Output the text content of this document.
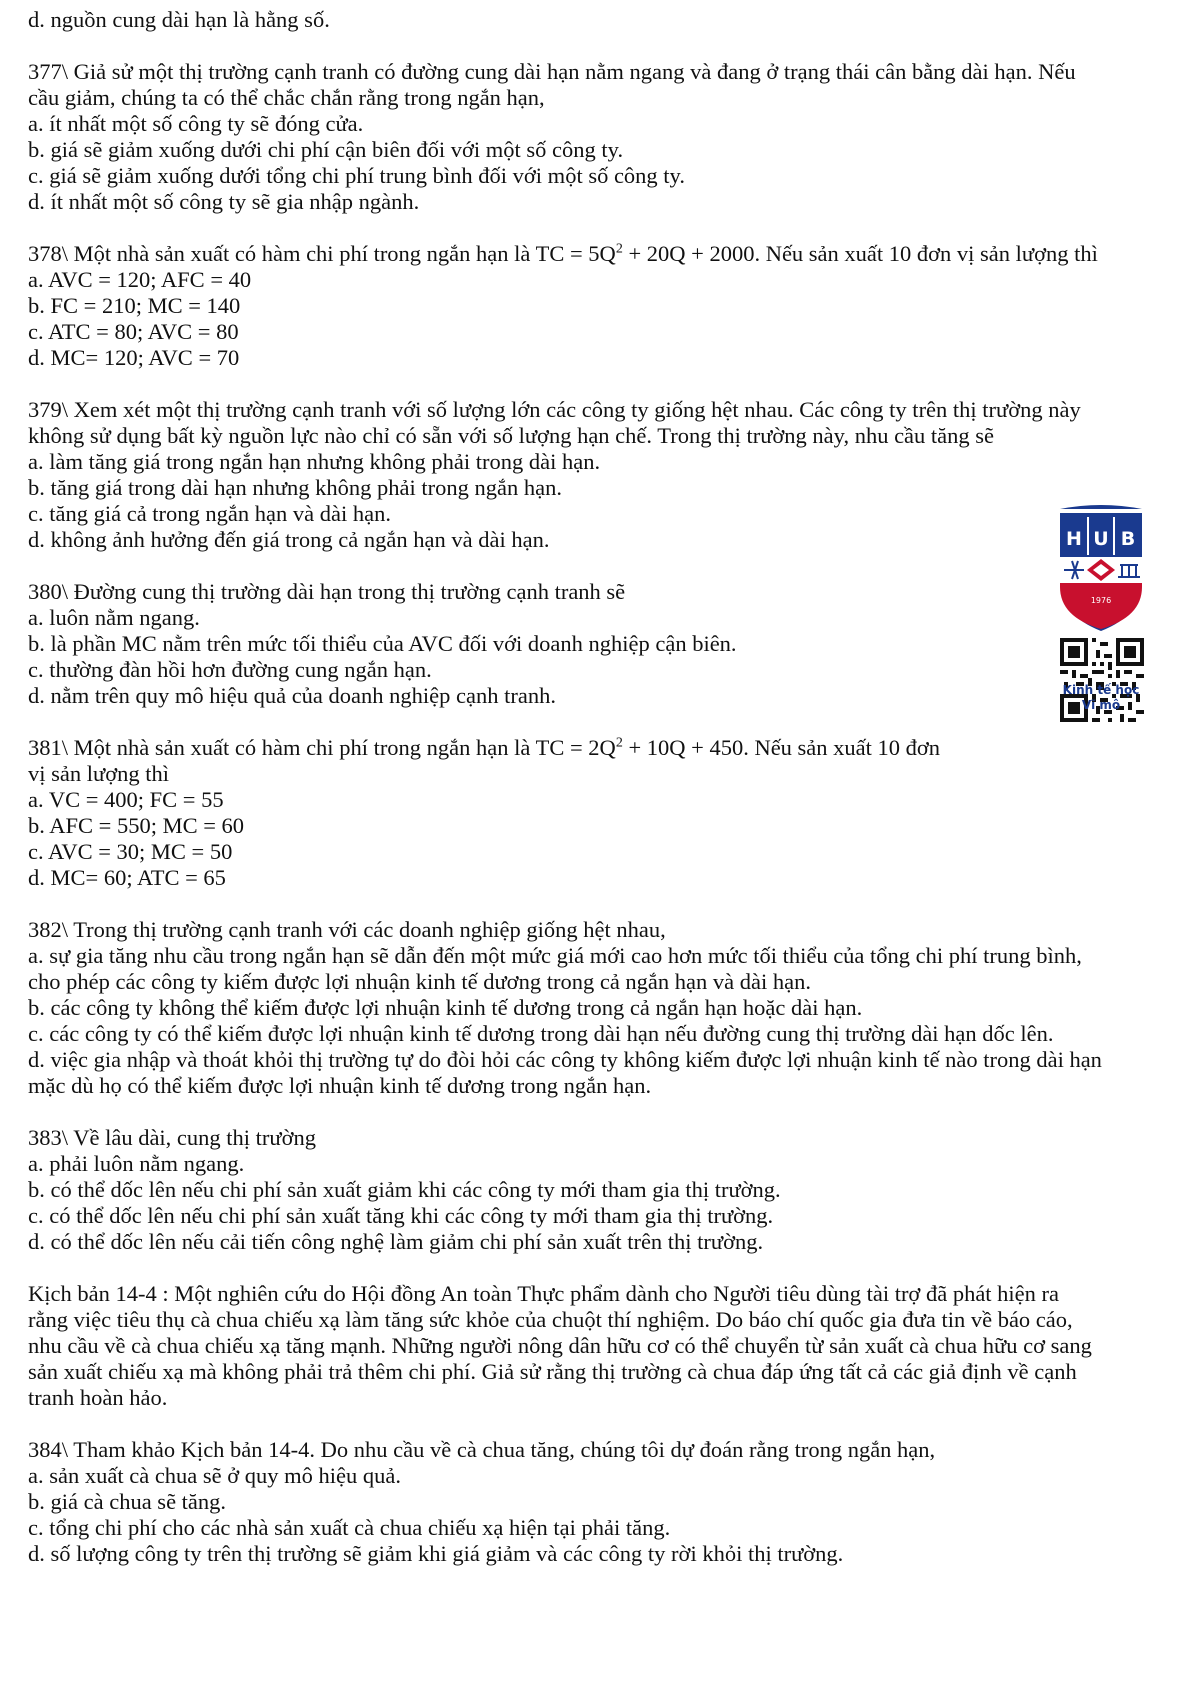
d. nguồn cung dài hạn là hằng số.
377\ Giả sử một thị trường cạnh tranh có đường cung dài hạn nằm ngang và đang ở trạng thái cân bằng dài hạn. Nếu
cầu giảm, chúng ta có thể chắc chắn rằng trong ngắn hạn,
a. ít nhất một số công ty sẽ đóng cửa.
b. giá sẽ giảm xuống dưới chi phí cận biên đối với một số công ty.
c. giá sẽ giảm xuống dưới tổng chi phí trung bình đối với một số công ty.
d. ít nhất một số công ty sẽ gia nhập ngành.
378\ Một nhà sản xuất có hàm chi phí trong ngắn hạn là TC = $5Q^2 + 20Q + 2000$. Nếu sản xuất 10 đơn vị sản lượng thì
a. AVC = 120; AFC = 40
b. FC = 210; MC = 140
c. ATC = 80; AVC = 80
d. MC= 120; AVC = 70
379\ Xem xét một thị trường cạnh tranh với số lượng lớn các công ty giống hệt nhau. Các công ty trên thị trường này
không sử dụng bất kỳ nguồn lực nào chỉ có sẵn với số lượng hạn chế. Trong thị trường này, nhu cầu tăng sẽ
a. làm tăng giá trong ngắn hạn nhưng không phải trong dài hạn.
b. tăng giá trong dài hạn nhưng không phải trong ngắn hạn.
c. tăng giá cả trong ngắn hạn và dài hạn.
d. không ảnh hưởng đến giá trong cả ngắn hạn và dài hạn.
380\ Đường cung thị trường dài hạn trong thị trường cạnh tranh sẽ
a. luôn nằm ngang.
b. là phần MC nằm trên mức tối thiểu của AVC đối với doanh nghiệp cận biên.
c. thường đàn hồi hơn đường cung ngắn hạn.
d. nằm trên quy mô hiệu quả của doanh nghiệp cạnh tranh.
381\ Một nhà sản xuất có hàm chi phí trong ngắn hạn là TC = $2Q^2 + 10Q + 450$. Nếu sản xuất 10 đơn
vị sản lượng thì
a. VC = 400; FC = 55
b. AFC = 550; MC = 60
c. AVC = 30; MC = 50
d. MC= 60; ATC = 65
382\ Trong thị trường cạnh tranh với các doanh nghiệp giống hệt nhau,
a. sự gia tăng nhu cầu trong ngắn hạn sẽ dẫn đến một mức giá mới cao hơn mức tối thiểu của tổng chi phí trung bình,
cho phép các công ty kiếm được lợi nhuận kinh tế dương trong cả ngắn hạn và dài hạn.
b. các công ty không thể kiếm được lợi nhuận kinh tế dương trong cả ngắn hạn hoặc dài hạn.
c. các công ty có thể kiếm được lợi nhuận kinh tế dương trong dài hạn nếu đường cung thị trường dài hạn dốc lên.
d. việc gia nhập và thoát khỏi thị trường tự do đòi hỏi các công ty không kiếm được lợi nhuận kinh tế nào trong dài hạn
mặc dù họ có thể kiếm được lợi nhuận kinh tế dương trong ngắn hạn.
383\ Về lâu dài, cung thị trường
a. phải luôn nằm ngang.
b. có thể dốc lên nếu chi phí sản xuất giảm khi các công ty mới tham gia thị trường.
c. có thể dốc lên nếu chi phí sản xuất tăng khi các công ty mới tham gia thị trường.
d. có thể dốc lên nếu cải tiến công nghệ làm giảm chi phí sản xuất trên thị trường.
Kịch bản 14-4 : Một nghiên cứu do Hội đồng An toàn Thực phẩm dành cho Người tiêu dùng tài trợ đã phát hiện ra
rằng việc tiêu thụ cà chua chiếu xạ làm tăng sức khỏe của chuột thí nghiệm. Do báo chí quốc gia đưa tin về báo cáo,
nhu cầu về cà chua chiếu xạ tăng mạnh. Những người nông dân hữu cơ có thể chuyển từ sản xuất cà chua hữu cơ sang
sản xuất chiếu xạ mà không phải trả thêm chi phí. Giả sử rằng thị trường cà chua đáp ứng tất cả các giả định về cạnh
tranh hoàn hảo.
384\ Tham khảo Kịch bản 14-4. Do nhu cầu về cà chua tăng, chúng tôi dự đoán rằng trong ngắn hạn,
a. sản xuất cà chua sẽ ở quy mô hiệu quả.
b. giá cà chua sẽ tăng.
c. tổng chi phí cho các nhà sản xuất cà chua chiếu xạ hiện tại phải tăng.
d. số lượng công ty trên thị trường sẽ giảm khi giá giảm và các công ty rời khỏi thị trường.
H U B
1976
Kinh tế học
Vĩ mô
